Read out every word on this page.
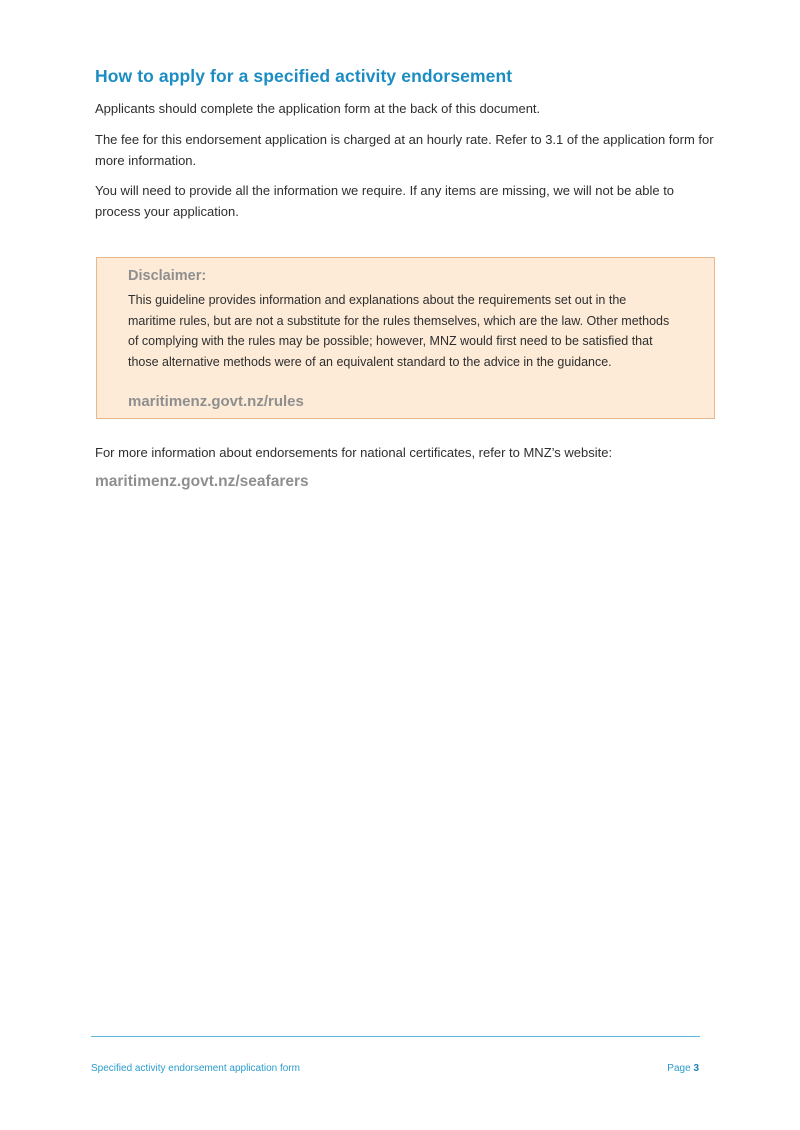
How to apply for a specified activity endorsement

Applicants should complete the application form at the back of this document.

The fee for this endorsement application is charged at an hourly rate. Refer to 3.1 of the application form for more information.

You will need to provide all the information we require. If any items are missing, we will not be able to process your application.

Disclaimer:

This guideline provides information and explanations about the requirements set out in the maritime rules, but are not a substitute for the rules themselves, which are the law. Other methods of complying with the rules may be possible; however, MNZ would first need to be satisfied that those alternative methods were of an equivalent standard to the advice in the guidance.

maritimenz.govt.nz/rules

For more information about endorsements for national certificates, refer to MNZ’s website:

maritimenz.govt.nz/seafarers
Specified activity endorsement application form	Page 3
